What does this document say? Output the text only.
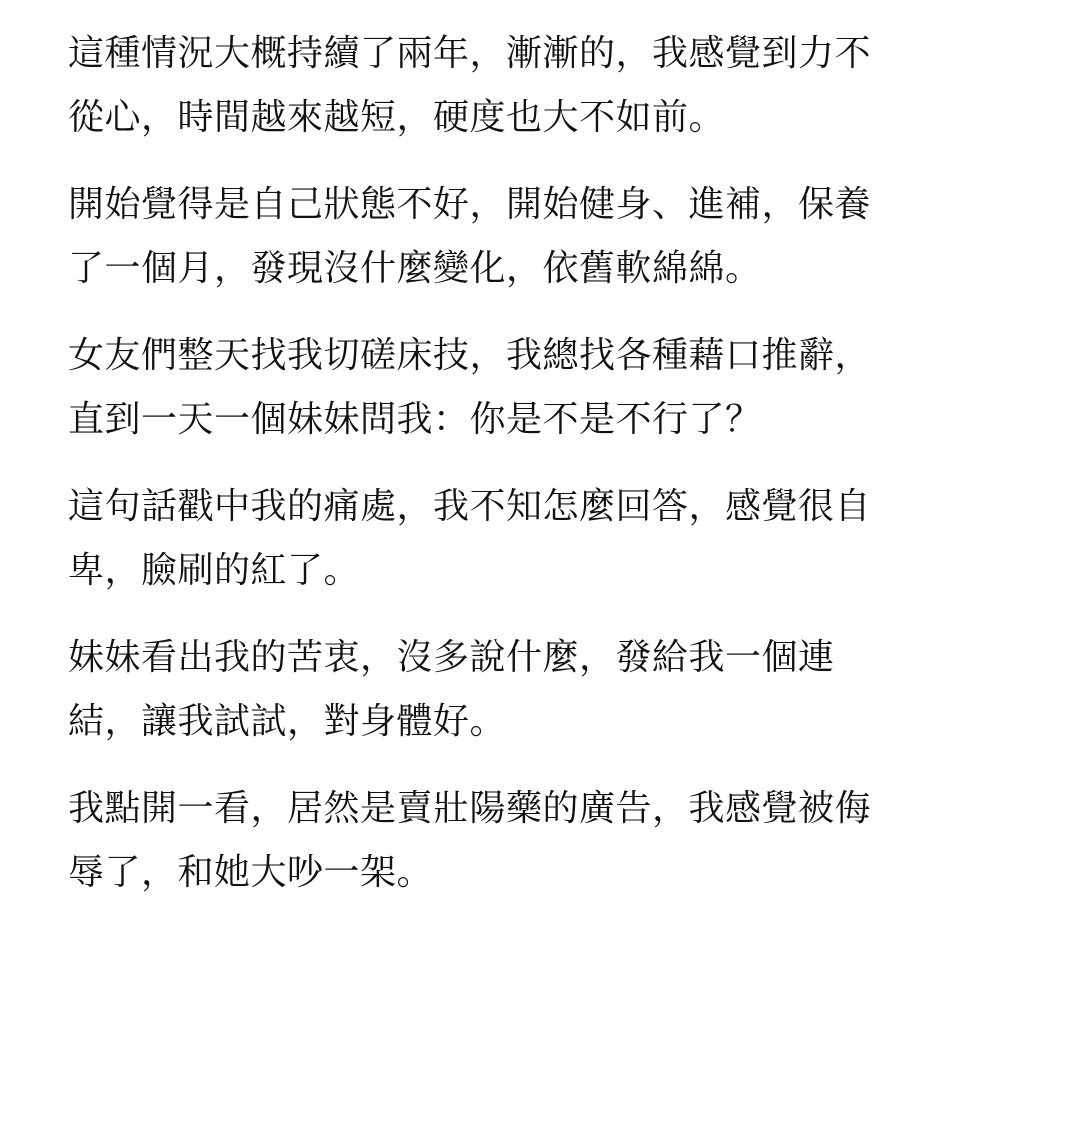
這種情況大概持續了兩年，漸漸的，我感覺到力不
從心，時間越來越短，硬度也大不如前。

開始覺得是自己狀態不好，開始健身、進補，保養
了一個月，發現沒什麼變化，依舊軟綿綿。

女友們整天找我切磋床技，我總找各種藉口推辭，
直到一天一個妹妹問我：你是不是不行了？

這句話戳中我的痛處，我不知怎麼回答，感覺很自
卑，臉刷的紅了。

妹妹看出我的苦衷，沒多說什麼，發給我一個連
結，讓我試試，對身體好。

我點開一看，居然是賣壯陽藥的廣告，我感覺被侮
辱了，和她大吵一架。
